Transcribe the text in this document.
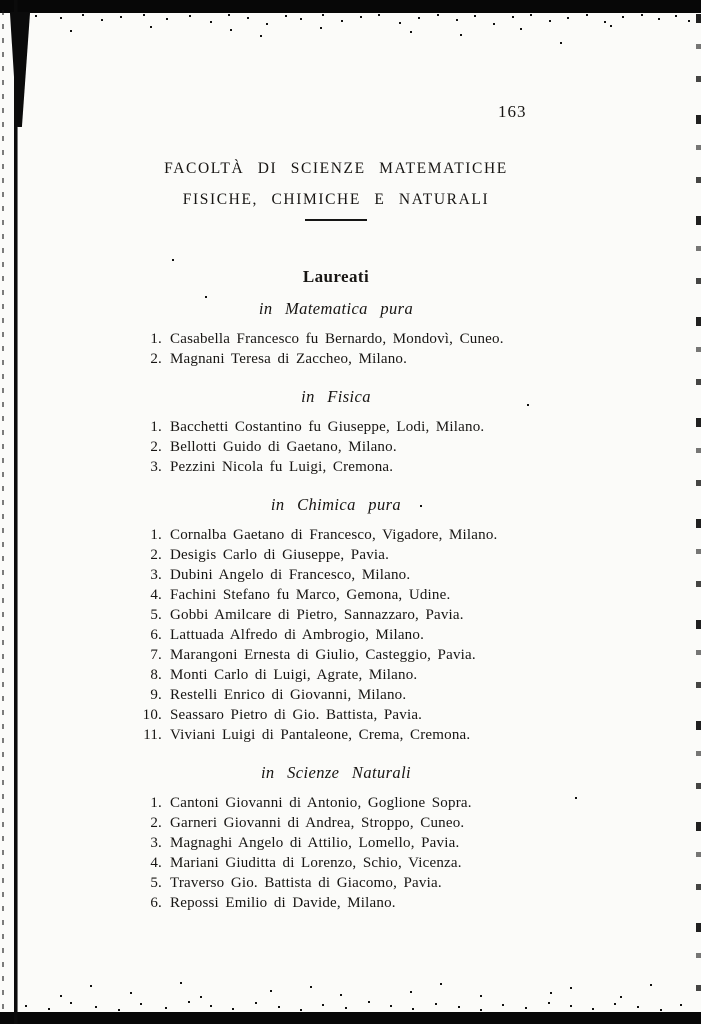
163
FACOLTÀ DI SCIENZE MATEMATICHE
FISICHE, CHIMICHE E NATURALI
Laureati
in Matematica pura
1. Casabella Francesco fu Bernardo, Mondovì, Cuneo.
2. Magnani Teresa di Zaccheo, Milano.
in Fisica
1. Bacchetti Costantino fu Giuseppe, Lodi, Milano.
2. Bellotti Guido di Gaetano, Milano.
3. Pezzini Nicola fu Luigi, Cremona.
in Chimica pura
1. Cornalba Gaetano di Francesco, Vigadore, Milano.
2. Desigis Carlo di Giuseppe, Pavia.
3. Dubini Angelo di Francesco, Milano.
4. Fachini Stefano fu Marco, Gemona, Udine.
5. Gobbi Amilcare di Pietro, Sannazzaro, Pavia.
6. Lattuada Alfredo di Ambrogio, Milano.
7. Marangoni Ernesta di Giulio, Casteggio, Pavia.
8. Monti Carlo di Luigi, Agrate, Milano.
9. Restelli Enrico di Giovanni, Milano.
10. Seassaro Pietro di Gio. Battista, Pavia.
11. Viviani Luigi di Pantaleone, Crema, Cremona.
in Scienze Naturali
1. Cantoni Giovanni di Antonio, Goglione Sopra.
2. Garneri Giovanni di Andrea, Stroppo, Cuneo.
3. Magnaghi Angelo di Attilio, Lomello, Pavia.
4. Mariani Giuditta di Lorenzo, Schio, Vicenza.
5. Traverso Gio. Battista di Giacomo, Pavia.
6. Repossi Emilio di Davide, Milano.
